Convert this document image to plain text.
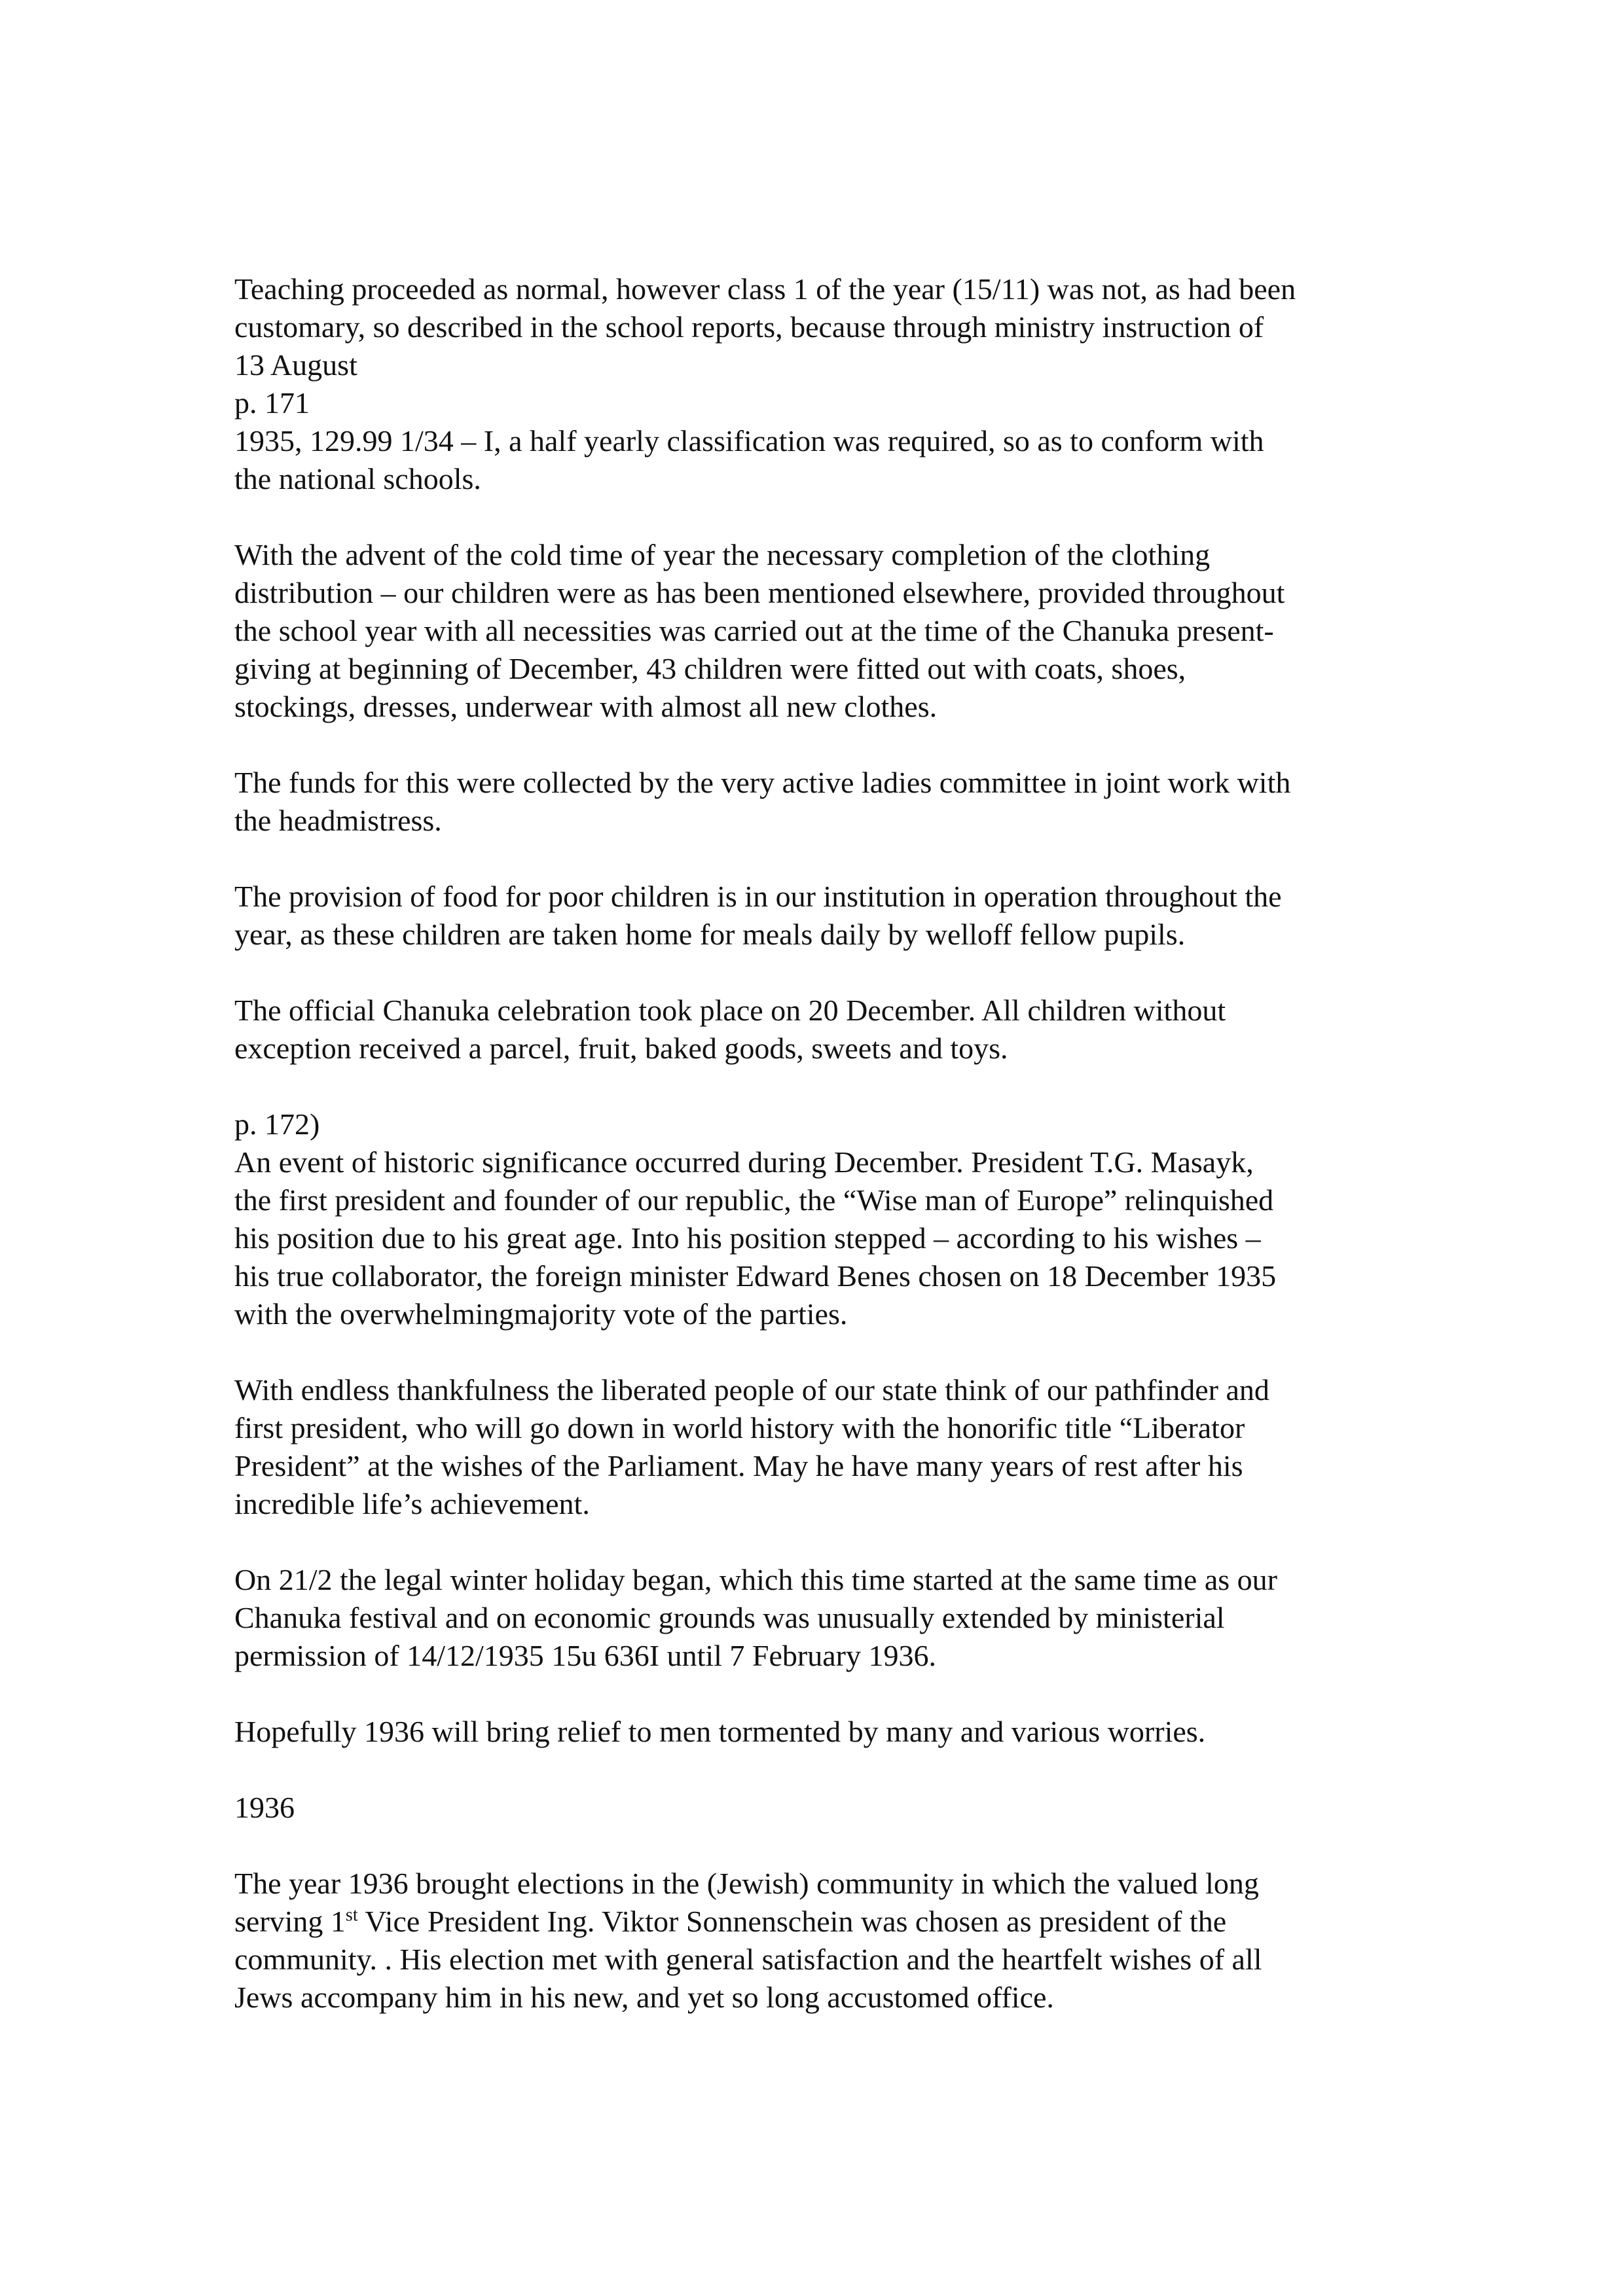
Teaching proceeded as normal, however class 1 of the year (15/11) was not, as had been
customary, so described in the school reports, because through ministry instruction of
13 August
p. 171
1935, 129.99 1/34 – I, a half yearly classification was required, so as to conform with
the national schools.

With the advent of the cold time of year the necessary completion of the clothing
distribution – our children were as has been mentioned elsewhere, provided throughout
the school year with all necessities was carried out at the time of the Chanuka present-
giving at beginning of December, 43 children were fitted out with coats, shoes,
stockings, dresses, underwear with almost all new clothes.

The funds for this were collected by the very active ladies committee in joint work with
the headmistress.

The provision of food for poor children is in our institution in operation throughout the
year, as these children are taken home for meals daily by welloff fellow pupils.

The official Chanuka celebration took place on 20 December. All children without
exception received a parcel, fruit, baked goods, sweets and toys.

p. 172)
An event of historic significance occurred during December. President T.G. Masayk,
the first president and founder of our republic, the “Wise man of Europe” relinquished
his position due to his great age. Into his position stepped – according to his wishes –
his true collaborator, the foreign minister Edward Benes chosen on 18 December 1935
with the overwhelmingmajority vote of the parties.

With endless thankfulness the liberated people of our state think of our pathfinder and
first president, who will go down in world history with the honorific title “Liberator
President” at the wishes of the Parliament. May he have many years of rest after his
incredible life’s achievement.

On 21/2 the legal winter holiday began, which this time started at the same time as our
Chanuka festival and on economic grounds was unusually extended by ministerial
permission of 14/12/1935 15u 636I until 7 February 1936.

Hopefully 1936 will bring relief to men tormented by many and various worries.

1936

The year 1936 brought elections in the (Jewish) community in which the valued long
serving 1st Vice President Ing. Viktor Sonnenschein was chosen as president of the
community. . His election met with general satisfaction and the heartfelt wishes of all
Jews accompany him in his new, and yet so long accustomed office.
